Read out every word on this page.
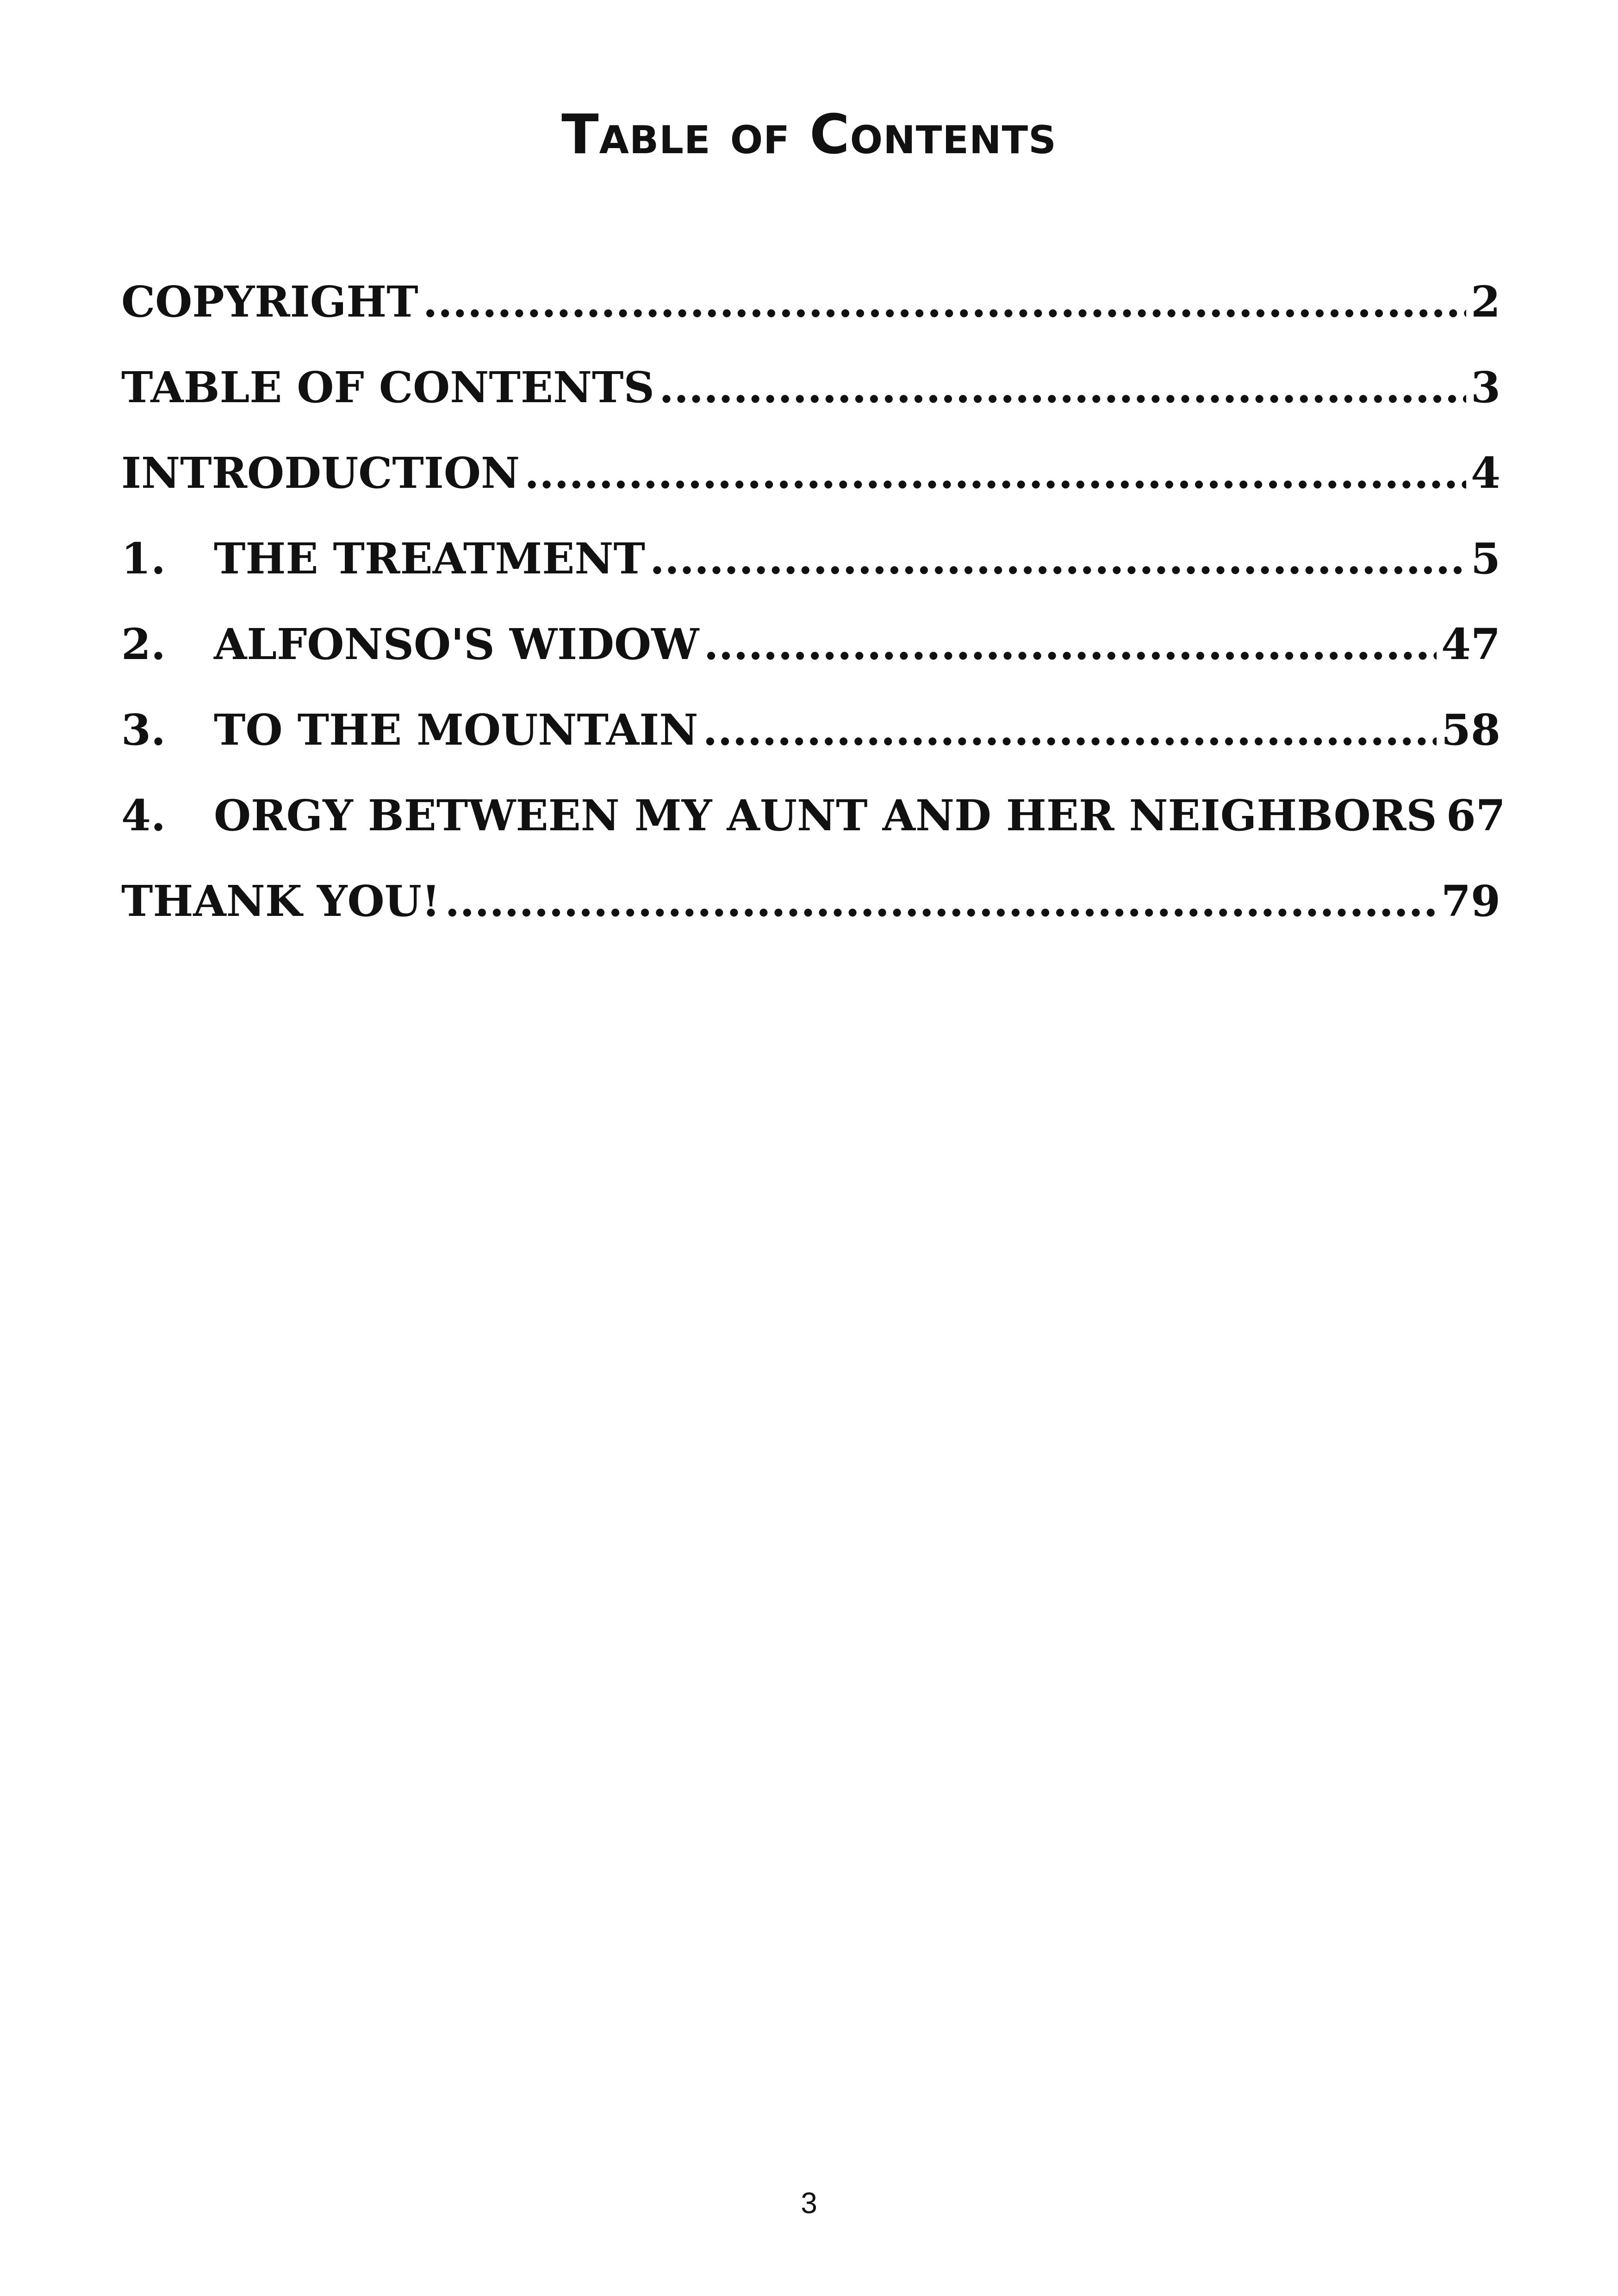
Table of Contents
COPYRIGHT .....	2
TABLE OF CONTENTS .....	3
INTRODUCTION .....	4
1.	THE TREATMENT .....	5
2.	ALFONSO'S WIDOW .....	47
3.	TO THE MOUNTAIN .....	58
4.	ORGY BETWEEN MY AUNT AND HER NEIGHBORS 67
THANK YOU! .....	79
3
